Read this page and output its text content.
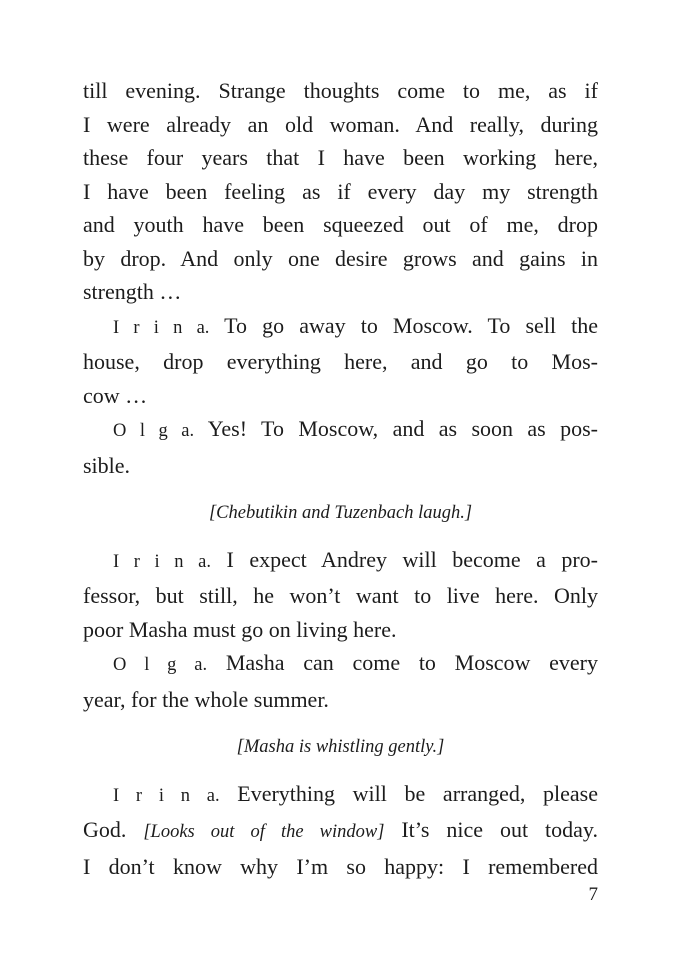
till evening. Strange thoughts come to me, as if
I were already an old woman. And really, during
these four years that I have been working here,
I have been feeling as if every day my strength
and youth have been squeezed out of me, drop
by drop. And only one desire grows and gains in
strength …
I r i n a. To go away to Moscow. To sell the
house, drop everything here, and go to Mos-
cow …
O l g a. Yes! To Moscow, and as soon as pos-
sible.
[Chebutikin and Tuzenbach laugh.]
I r i n a. I expect Andrey will become a pro-
fessor, but still, he won’t want to live here. Only
poor Masha must go on living here.
O l g a. Masha can come to Moscow every
year, for the whole summer.
[Masha is whistling gently.]
I r i n a. Everything will be arranged, please
God. [Looks out of the window] It’s nice out today.
I don’t know why I’m so happy: I remembered
7
